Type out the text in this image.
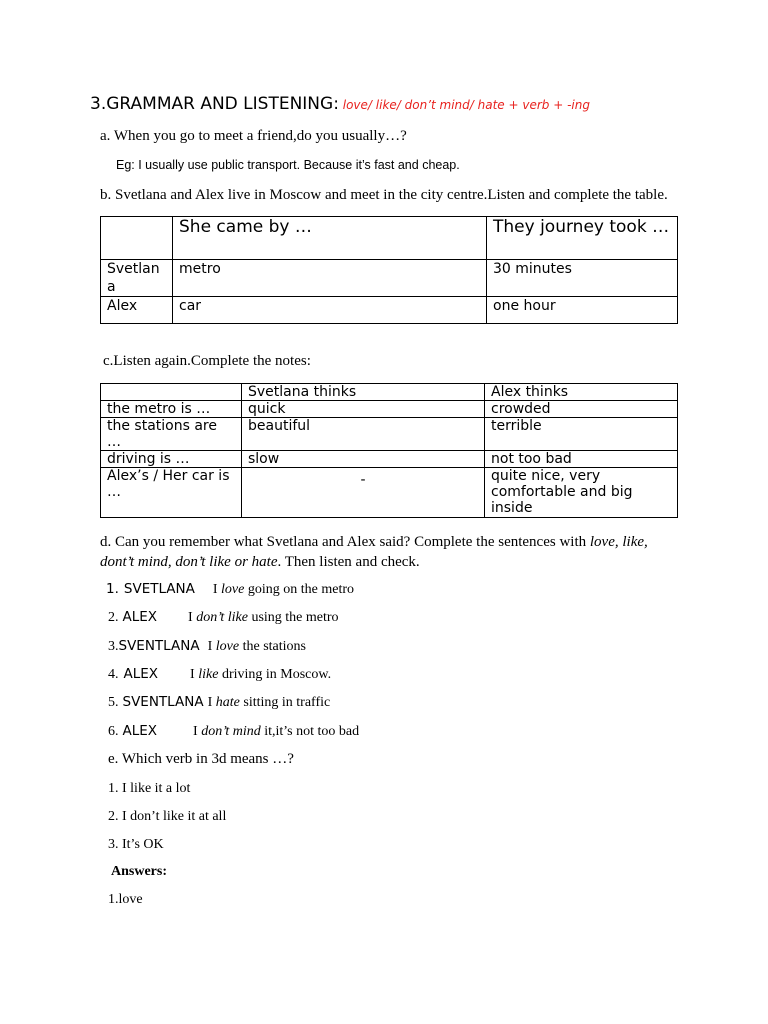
3.GRAMMAR AND LISTENING: love/ like/ don’t mind/ hate + verb + -ing
a. When you go to meet a friend,do you usually…?
Eg: I usually use public transport. Because it’s fast and cheap.
b. Svetlana and Alex live in Moscow and meet in the city centre.Listen and complete the table.
	She came by …	They journey took …
Svetlana	metro	30 minutes
Alex	car	one hour
c.Listen again.Complete the notes:
	Svetlana thinks	Alex thinks
the metro is …	quick	crowded
the stations are …	beautiful	terrible
driving is …	slow	not too bad
Alex’s / Her car is …	-	quite nice, very comfortable and big inside
d. Can you remember what Svetlana and Alex said? Complete the sentences with love, like, dont’t mind, don’t like or hate. Then listen and check.
1. SVETLANA I love going on the metro
2. ALEX I don’t like using the metro
3.SVENTLANA I love the stations
4. ALEX I like driving in Moscow.
5. SVENTLANA I hate sitting in traffic
6. ALEX	I don’t mind it,it’s not too bad
e. Which verb in 3d means …?
1. I like it a lot
2. I don’t like it at all
3. It’s OK
Answers:
1.love
